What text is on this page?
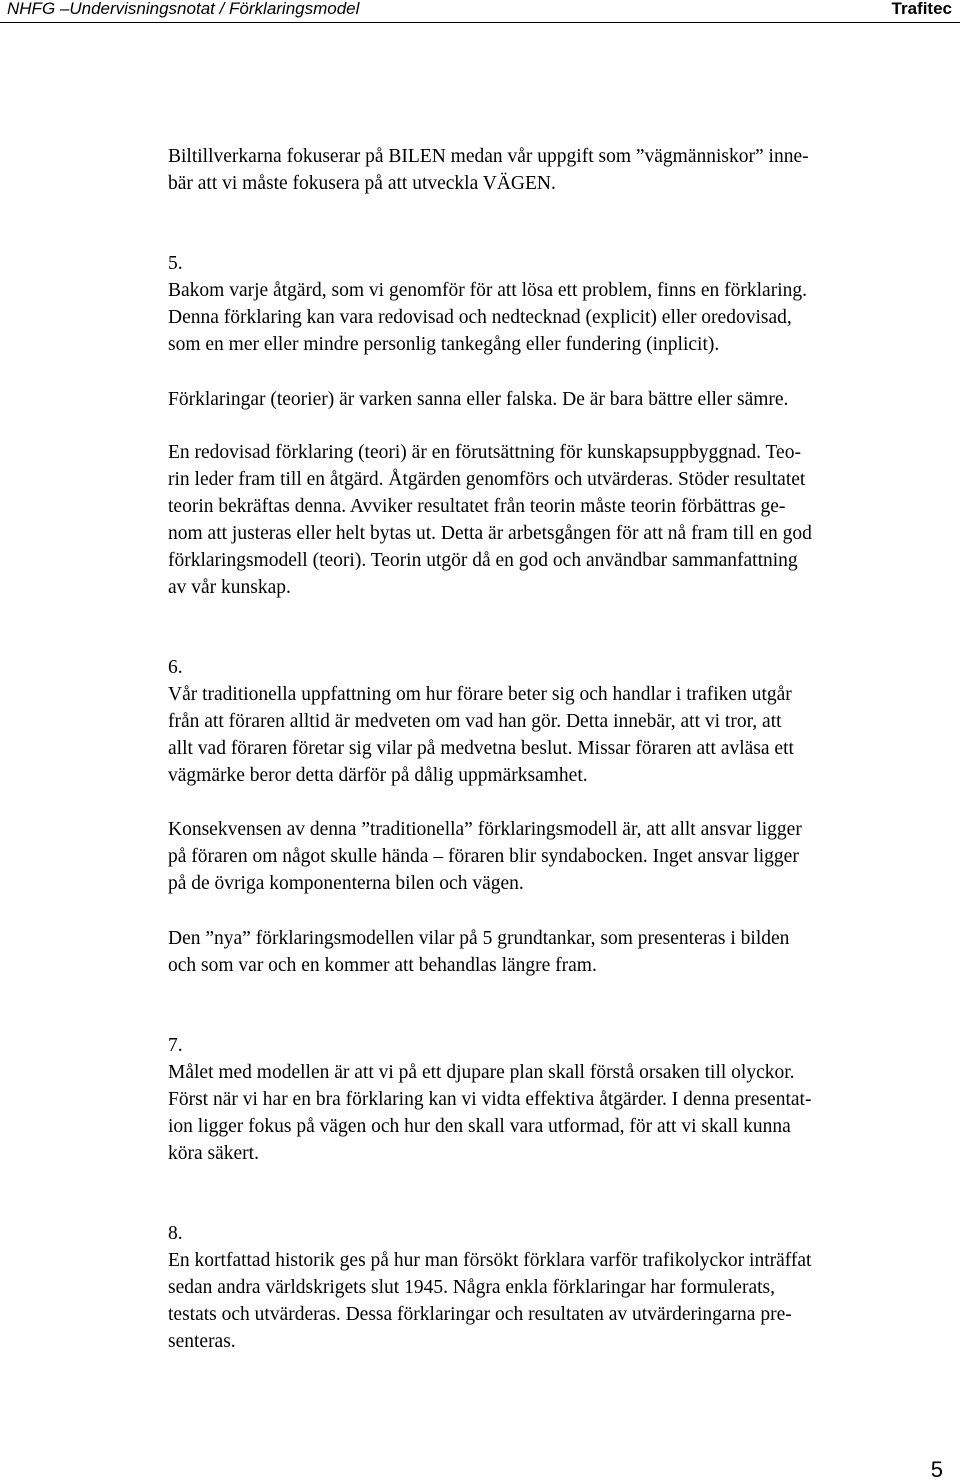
NHFG –Undervisningsnotat / Förklaringsmodel	Trafitec
Biltillverkarna fokuserar på BILEN medan vår uppgift som ”vägmänniskor” inne-
bär att vi måste fokusera på att utveckla VÄGEN.
5.
Bakom varje åtgärd, som vi genomför för att lösa ett problem, finns en förklaring.
Denna förklaring kan vara redovisad och nedtecknad (explicit) eller oredovisad,
som en mer eller mindre personlig tankegång eller fundering (inplicit).
Förklaringar (teorier) är varken sanna eller falska. De är bara bättre eller sämre.
En redovisad förklaring (teori) är en förutsättning för kunskapsuppbyggnad. Teo-
rin leder fram till en åtgärd. Åtgärden genomförs och utvärderas. Stöder resultatet
teorin bekräftas denna. Avviker resultatet från teorin måste teorin förbättras ge-
nom att justeras eller helt bytas ut. Detta är arbetsgången för att nå fram till en god
förklaringsmodell (teori). Teorin utgör då en god och användbar sammanfattning
av vår kunskap.
6.
Vår traditionella uppfattning om hur förare beter sig och handlar i trafiken utgår
från att föraren alltid är medveten om vad han gör. Detta innebär, att vi tror, att
allt vad föraren företar sig vilar på medvetna beslut. Missar föraren att avläsa ett
vägmärke beror detta därför på dålig uppmärksamhet.
Konsekvensen av denna ”traditionella” förklaringsmodell är, att allt ansvar ligger
på föraren om något skulle hända – föraren blir syndabocken. Inget ansvar ligger
på de övriga komponenterna bilen och vägen.
Den ”nya” förklaringsmodellen vilar på 5 grundtankar, som presenteras i bilden
och som var och en kommer att behandlas längre fram.
7.
Målet med modellen är att vi på ett djupare plan skall förstå orsaken till olyckor.
Först när vi har en bra förklaring kan vi vidta effektiva åtgärder. I denna presentat-
ion ligger fokus på vägen och hur den skall vara utformad, för att vi skall kunna
köra säkert.
8.
En kortfattad historik ges på hur man försökt förklara varför trafikolyckor inträffat
sedan andra världskrigets slut 1945. Några enkla förklaringar har formulerats,
testats och utvärderas. Dessa förklaringar och resultaten av utvärderingarna pre-
senteras.
5
